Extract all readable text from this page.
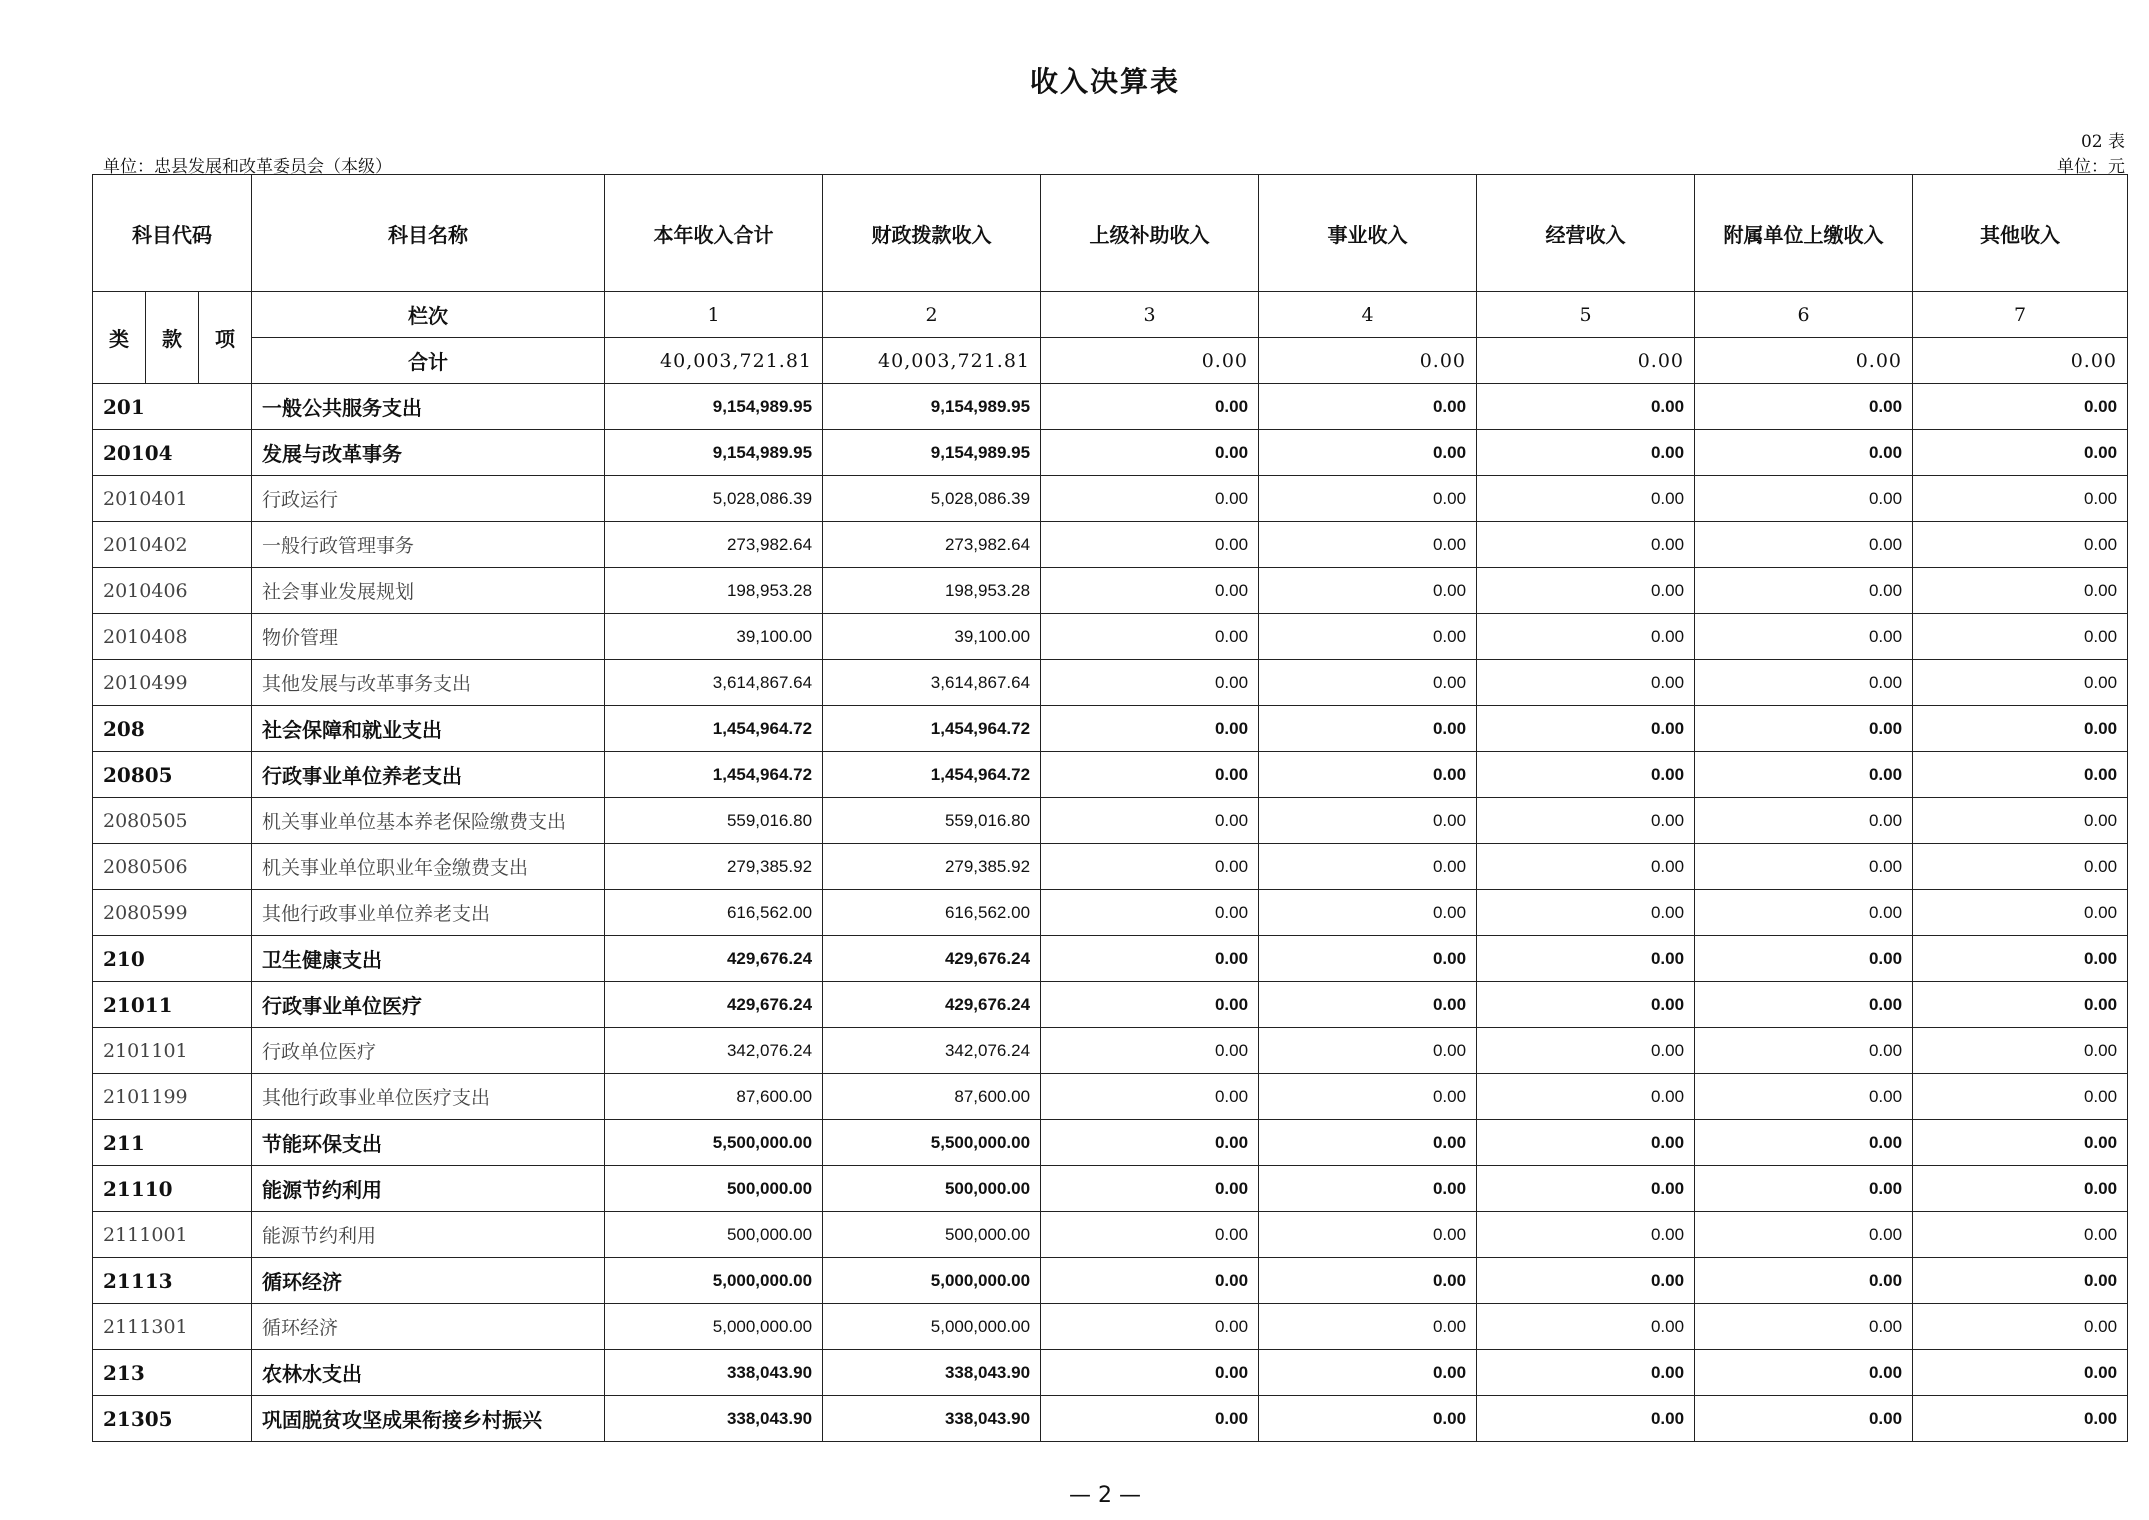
收入决算表
02 表
单位：忠县发展和改革委员会（本级）	单位：元
科目代码			科目名称	本年收入合计	财政拨款收入	上级补助收入	事业收入	经营收入	附属单位上缴收入	其他收入
类	款	项	栏次	1	2	3	4	5	6	7
			合计	40,003,721.81	40,003,721.81	0.00	0.00	0.00	0.00	0.00
201			一般公共服务支出	9,154,989.95	9,154,989.95	0.00	0.00	0.00	0.00	0.00
20104			发展与改革事务	9,154,989.95	9,154,989.95	0.00	0.00	0.00	0.00	0.00
2010401			行政运行	5,028,086.39	5,028,086.39	0.00	0.00	0.00	0.00	0.00
2010402			一般行政管理事务	273,982.64	273,982.64	0.00	0.00	0.00	0.00	0.00
2010406			社会事业发展规划	198,953.28	198,953.28	0.00	0.00	0.00	0.00	0.00
2010408			物价管理	39,100.00	39,100.00	0.00	0.00	0.00	0.00	0.00
2010499			其他发展与改革事务支出	3,614,867.64	3,614,867.64	0.00	0.00	0.00	0.00	0.00
208			社会保障和就业支出	1,454,964.72	1,454,964.72	0.00	0.00	0.00	0.00	0.00
20805			行政事业单位养老支出	1,454,964.72	1,454,964.72	0.00	0.00	0.00	0.00	0.00
2080505			机关事业单位基本养老保险缴费支出	559,016.80	559,016.80	0.00	0.00	0.00	0.00	0.00
2080506			机关事业单位职业年金缴费支出	279,385.92	279,385.92	0.00	0.00	0.00	0.00	0.00
2080599			其他行政事业单位养老支出	616,562.00	616,562.00	0.00	0.00	0.00	0.00	0.00
210			卫生健康支出	429,676.24	429,676.24	0.00	0.00	0.00	0.00	0.00
21011			行政事业单位医疗	429,676.24	429,676.24	0.00	0.00	0.00	0.00	0.00
2101101			行政单位医疗	342,076.24	342,076.24	0.00	0.00	0.00	0.00	0.00
2101199			其他行政事业单位医疗支出	87,600.00	87,600.00	0.00	0.00	0.00	0.00	0.00
211			节能环保支出	5,500,000.00	5,500,000.00	0.00	0.00	0.00	0.00	0.00
21110			能源节约利用	500,000.00	500,000.00	0.00	0.00	0.00	0.00	0.00
2111001			能源节约利用	500,000.00	500,000.00	0.00	0.00	0.00	0.00	0.00
21113			循环经济	5,000,000.00	5,000,000.00	0.00	0.00	0.00	0.00	0.00
2111301			循环经济	5,000,000.00	5,000,000.00	0.00	0.00	0.00	0.00	0.00
213			农林水支出	338,043.90	338,043.90	0.00	0.00	0.00	0.00	0.00
21305			巩固脱贫攻坚成果衔接乡村振兴	338,043.90	338,043.90	0.00	0.00	0.00	0.00	0.00
— 2 —
